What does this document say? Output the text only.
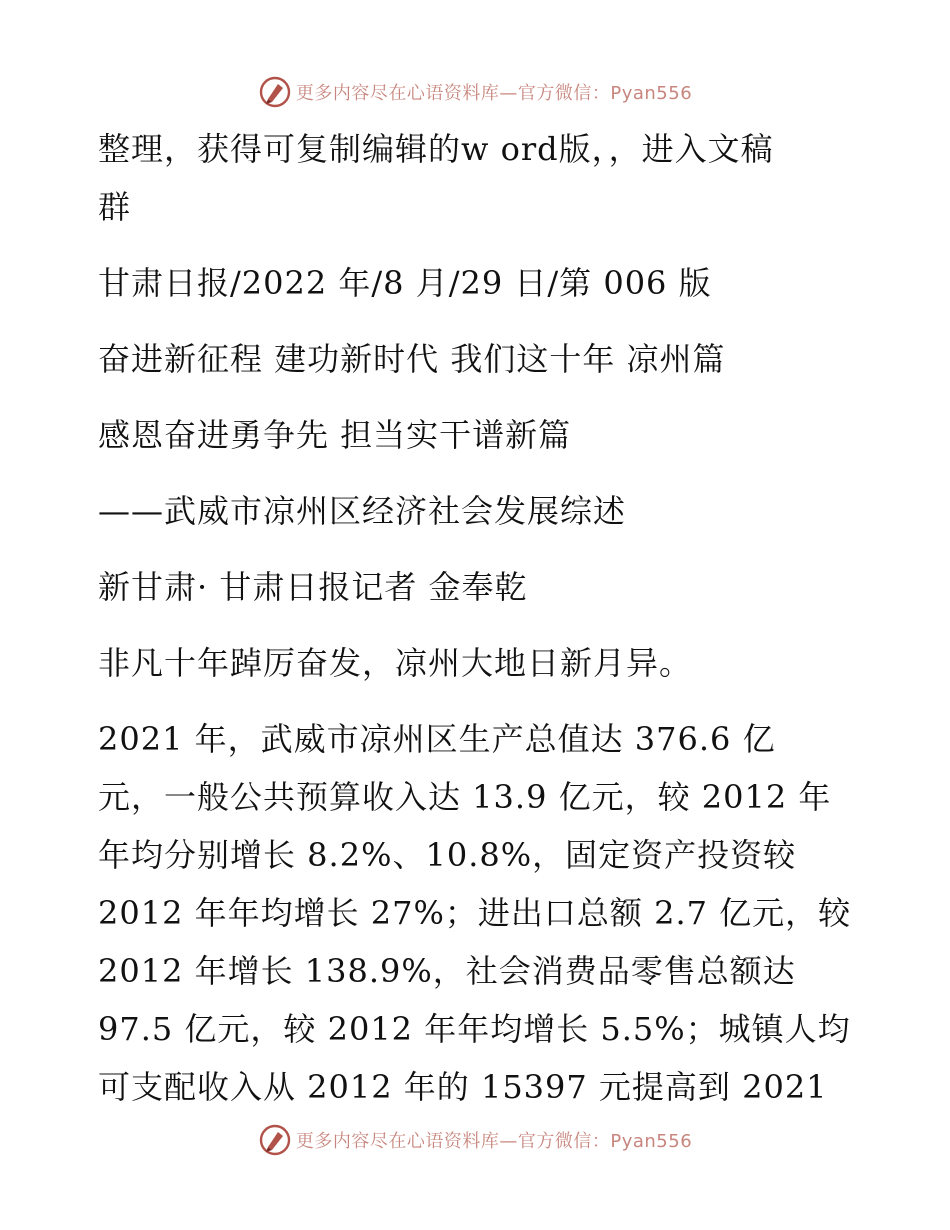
更多内容尽在心语资料库—官方微信：Pyan556
整理，获得可复制编辑的w ord版，，进入文稿
群
甘肃日报/2022 年/8 月/29 日/第 006 版
奋进新征程 建功新时代 我们这十年 凉州篇
感恩奋进勇争先 担当实干谱新篇
——武威市凉州区经济社会发展综述
新甘肃· 甘肃日报记者 金奉乾
非凡十年踔厉奋发，凉州大地日新月异。
2021 年，武威市凉州区生产总值达 376.6 亿
元，一般公共预算收入达 13.9 亿元，较 2012 年
年均分别增长 8.2%、10.8%，固定资产投资较
2012 年年均增长 27%；进出口总额 2.7 亿元，较
2012 年增长 138.9%，社会消费品零售总额达
97.5 亿元，较 2012 年年均增长 5.5%；城镇人均
可支配收入从 2012 年的 15397 元提高到 2021
更多内容尽在心语资料库—官方微信：Pyan556
